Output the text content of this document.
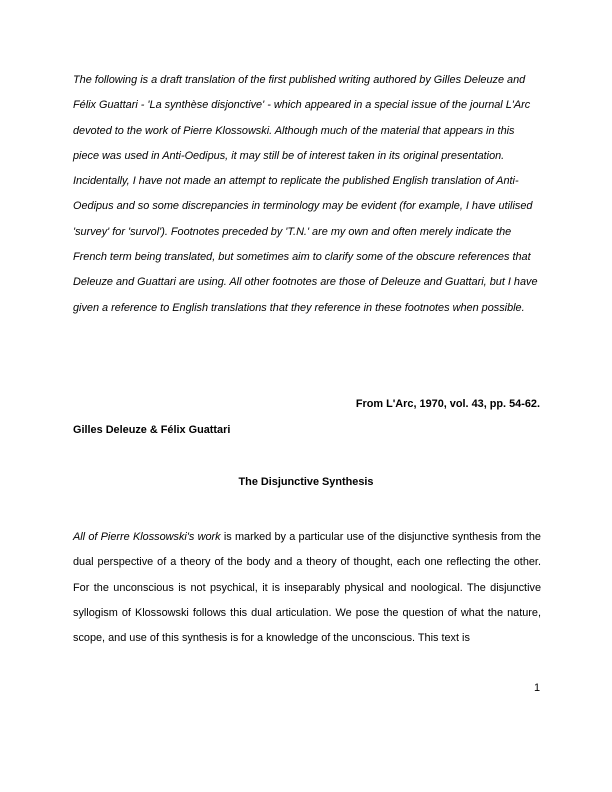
The following is a draft translation of the first published writing authored by Gilles Deleuze and Félix Guattari - 'La synthèse disjonctive' - which appeared in a special issue of the journal L'Arc devoted to the work of Pierre Klossowski. Although much of the material that appears in this piece was used in Anti-Oedipus, it may still be of interest taken in its original presentation. Incidentally, I have not made an attempt to replicate the published English translation of Anti-Oedipus and so some discrepancies in terminology may be evident (for example, I have utilised 'survey' for 'survol'). Footnotes preceded by 'T.N.' are my own and often merely indicate the French term being translated, but sometimes aim to clarify some of the obscure references that Deleuze and Guattari are using. All other footnotes are those of Deleuze and Guattari, but I have given a reference to English translations that they reference in these footnotes when possible.

From L'Arc, 1970, vol. 43, pp. 54-62.

Gilles Deleuze & Félix Guattari

The Disjunctive Synthesis

All of Pierre Klossowski's work is marked by a particular use of the disjunctive synthesis from the dual perspective of a theory of the body and a theory of thought, each one reflecting the other. For the unconscious is not psychical, it is inseparably physical and noological. The disjunctive syllogism of Klossowski follows this dual articulation. We pose the question of what the nature, scope, and use of this synthesis is for a knowledge of the unconscious. This text is

1
